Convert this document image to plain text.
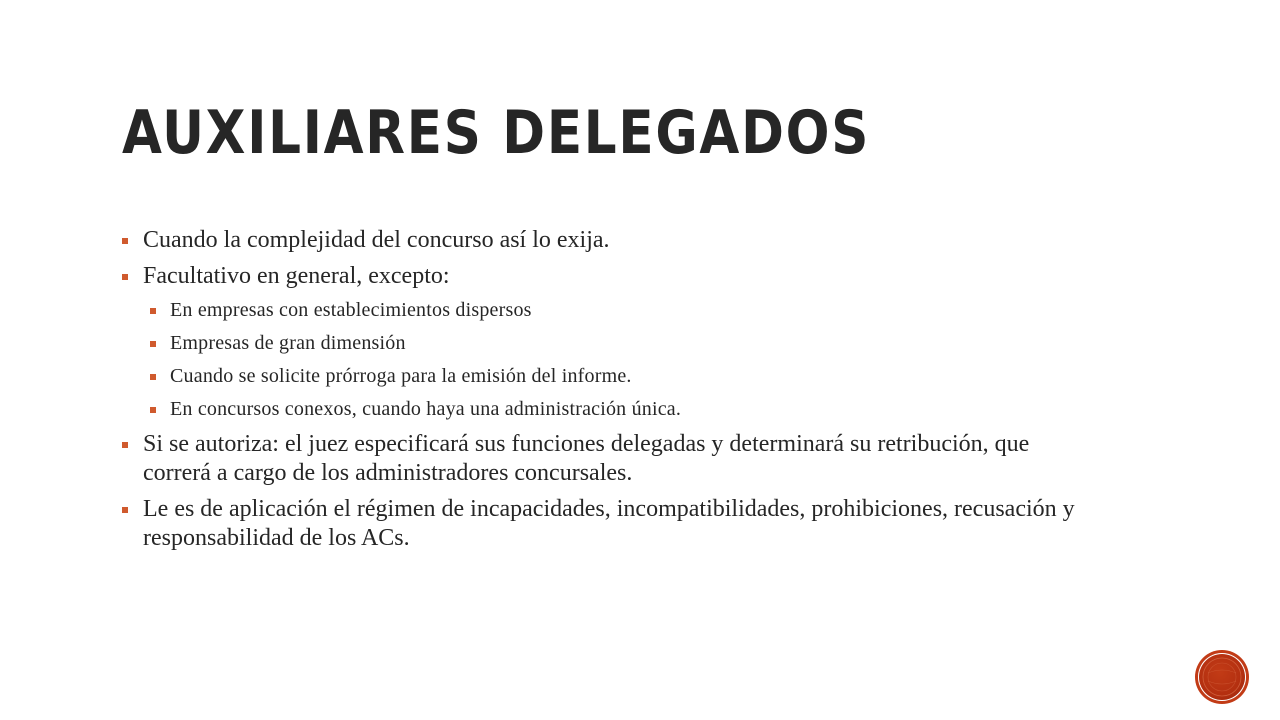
AUXILIARES DELEGADOS
Cuando la complejidad del concurso así lo exija.
Facultativo en general, excepto:
En empresas con establecimientos dispersos
Empresas de gran dimensión
Cuando se solicite prórroga para la emisión del informe.
En concursos conexos, cuando haya una administración única.
Si se autoriza: el juez especificará sus funciones delegadas y determinará su retribución, que correrá a cargo de los administradores concursales.
Le es de aplicación el régimen de incapacidades, incompatibilidades, prohibiciones, recusación y responsabilidad de los ACs.
